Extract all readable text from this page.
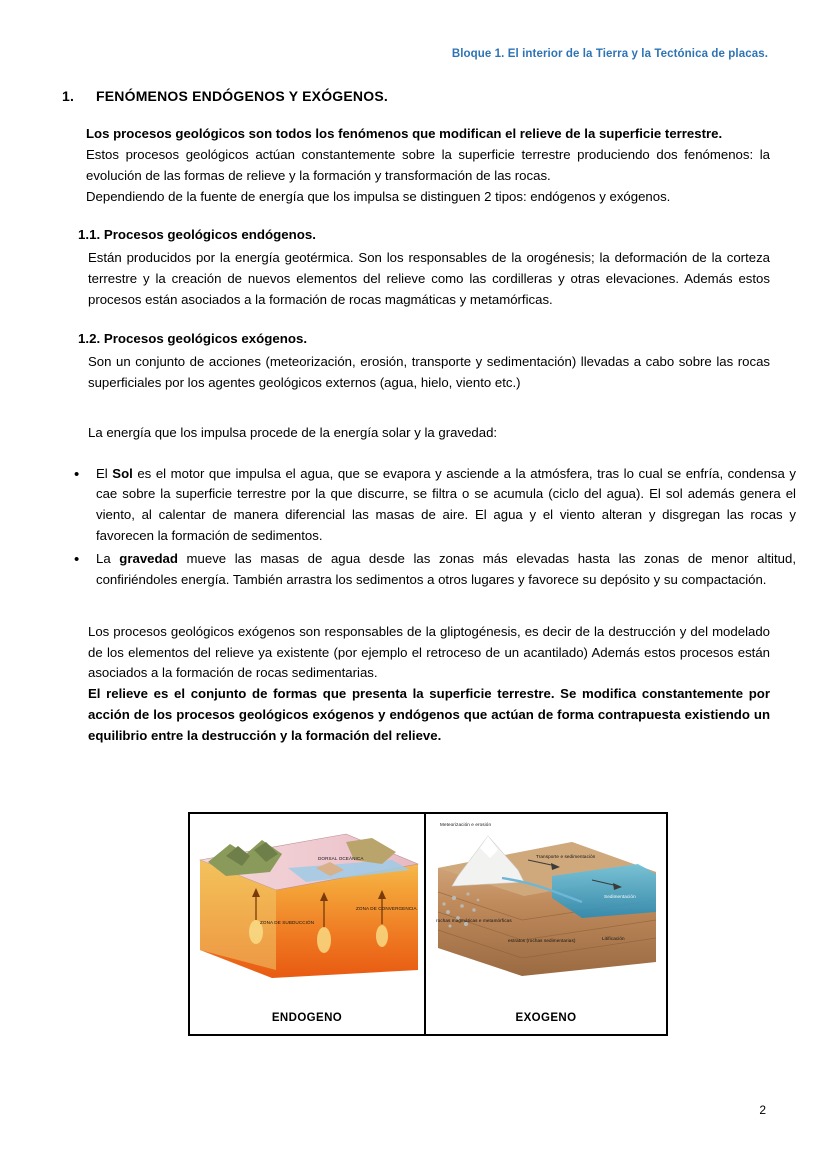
Bloque 1. El interior de la Tierra y la Tectónica de placas.
1.	FENÓMENOS ENDÓGENOS Y EXÓGENOS.

Los procesos geológicos son todos los fenómenos que modifican el relieve de la superficie terrestre.

Estos procesos geológicos actúan constantemente sobre la superficie terrestre produciendo dos fenómenos: la evolución de las formas de relieve y la formación y transformación de las rocas.

Dependiendo de la fuente de energía que los impulsa se distinguen 2 tipos: endógenos y exógenos.

1.1. Procesos geológicos endógenos.

Están producidos por la energía geotérmica. Son los responsables de la orogénesis; la deformación de la corteza terrestre y la creación de nuevos elementos del relieve como las cordilleras y otras elevaciones. Además estos procesos están asociados a la formación de rocas magmáticas y metamórficas.

1.2. Procesos geológicos exógenos.

Son un conjunto de acciones (meteorización, erosión, transporte y sedimentación) llevadas a cabo sobre las rocas superficiales por los agentes geológicos externos (agua, hielo, viento etc.)

La energía que los impulsa procede de la energía solar y la gravedad:

• El Sol es el motor que impulsa el agua, que se evapora y asciende a la atmósfera, tras lo cual se enfría, condensa y cae sobre la superficie terrestre por la que discurre, se filtra o se acumula (ciclo del agua). El sol además genera el viento, al calentar de manera diferencial las masas de aire. El agua y el viento alteran y disgregan las rocas y favorecen la formación de sedimentos.
• La gravedad mueve las masas de agua desde las zonas más elevadas hasta las zonas de menor altitud, confiriéndoles energía. También arrastra los sedimentos a otros lugares y favorece su depósito y su compactación.

Los procesos geológicos exógenos son responsables de la gliptogénesis, es decir de la destrucción y del modelado de los elementos del relieve ya existente (por ejemplo el retroceso de un acantilado) Además estos procesos están asociados a la formación de rocas sedimentarias.

El relieve es el conjunto de formas que presenta la superficie terrestre. Se modifica constantemente por acción de los procesos geológicos exógenos y endógenos que actúan de forma contrapuesta existiendo un equilibrio entre la destrucción y la formación del relieve.

DORSAL OCEÁNICA
ZONA DE CONVERGENCIA
ZONA DE SUBDUCCIÓN
ENDOGENO
Meteorización e erosión
Transporte e sedimentación
Sedimentación
rochas magmáticas e metamórficas
estratos (rochas sedimentarias)	Litificación
EXOGENO
2
